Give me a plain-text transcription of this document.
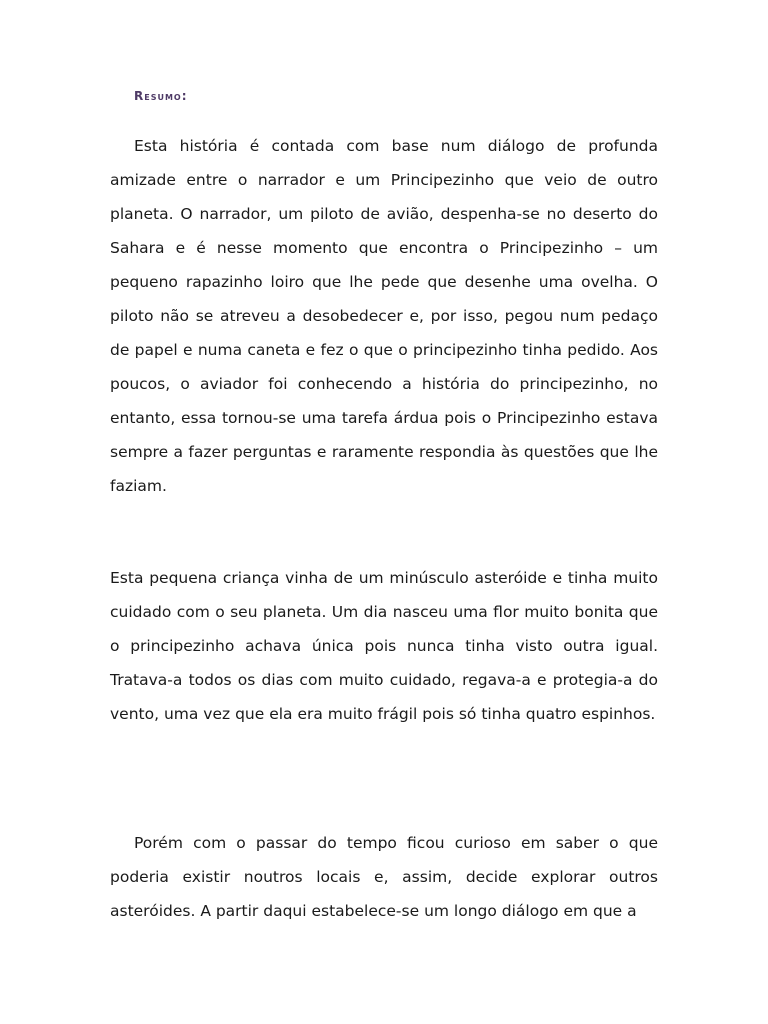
Resumo:

Esta história é contada com base num diálogo de profunda amizade entre o narrador e um Principezinho que veio de outro planeta. O narrador, um piloto de avião, despenha-se no deserto do Sahara e é nesse momento que encontra o Principezinho – um pequeno rapazinho loiro que lhe pede que desenhe uma ovelha. O piloto não se atreveu a desobedecer e, por isso, pegou num pedaço de papel e numa caneta e fez o que o principezinho tinha pedido. Aos poucos, o aviador foi conhecendo a história do principezinho, no entanto, essa tornou-se uma tarefa árdua pois o Principezinho estava sempre a fazer perguntas e raramente respondia às questões que lhe faziam.

Esta pequena criança vinha de um minúsculo asteróide e tinha muito cuidado com o seu planeta. Um dia nasceu uma flor muito bonita que o principezinho achava única pois nunca tinha visto outra igual. Tratava-a todos os dias com muito cuidado, regava-a e protegia-a do vento, uma vez que ela era muito frágil pois só tinha quatro espinhos.

Porém com o passar do tempo ficou curioso em saber o que poderia existir noutros locais e, assim, decide explorar outros asteróides. A partir daqui estabelece-se um longo diálogo em que a
